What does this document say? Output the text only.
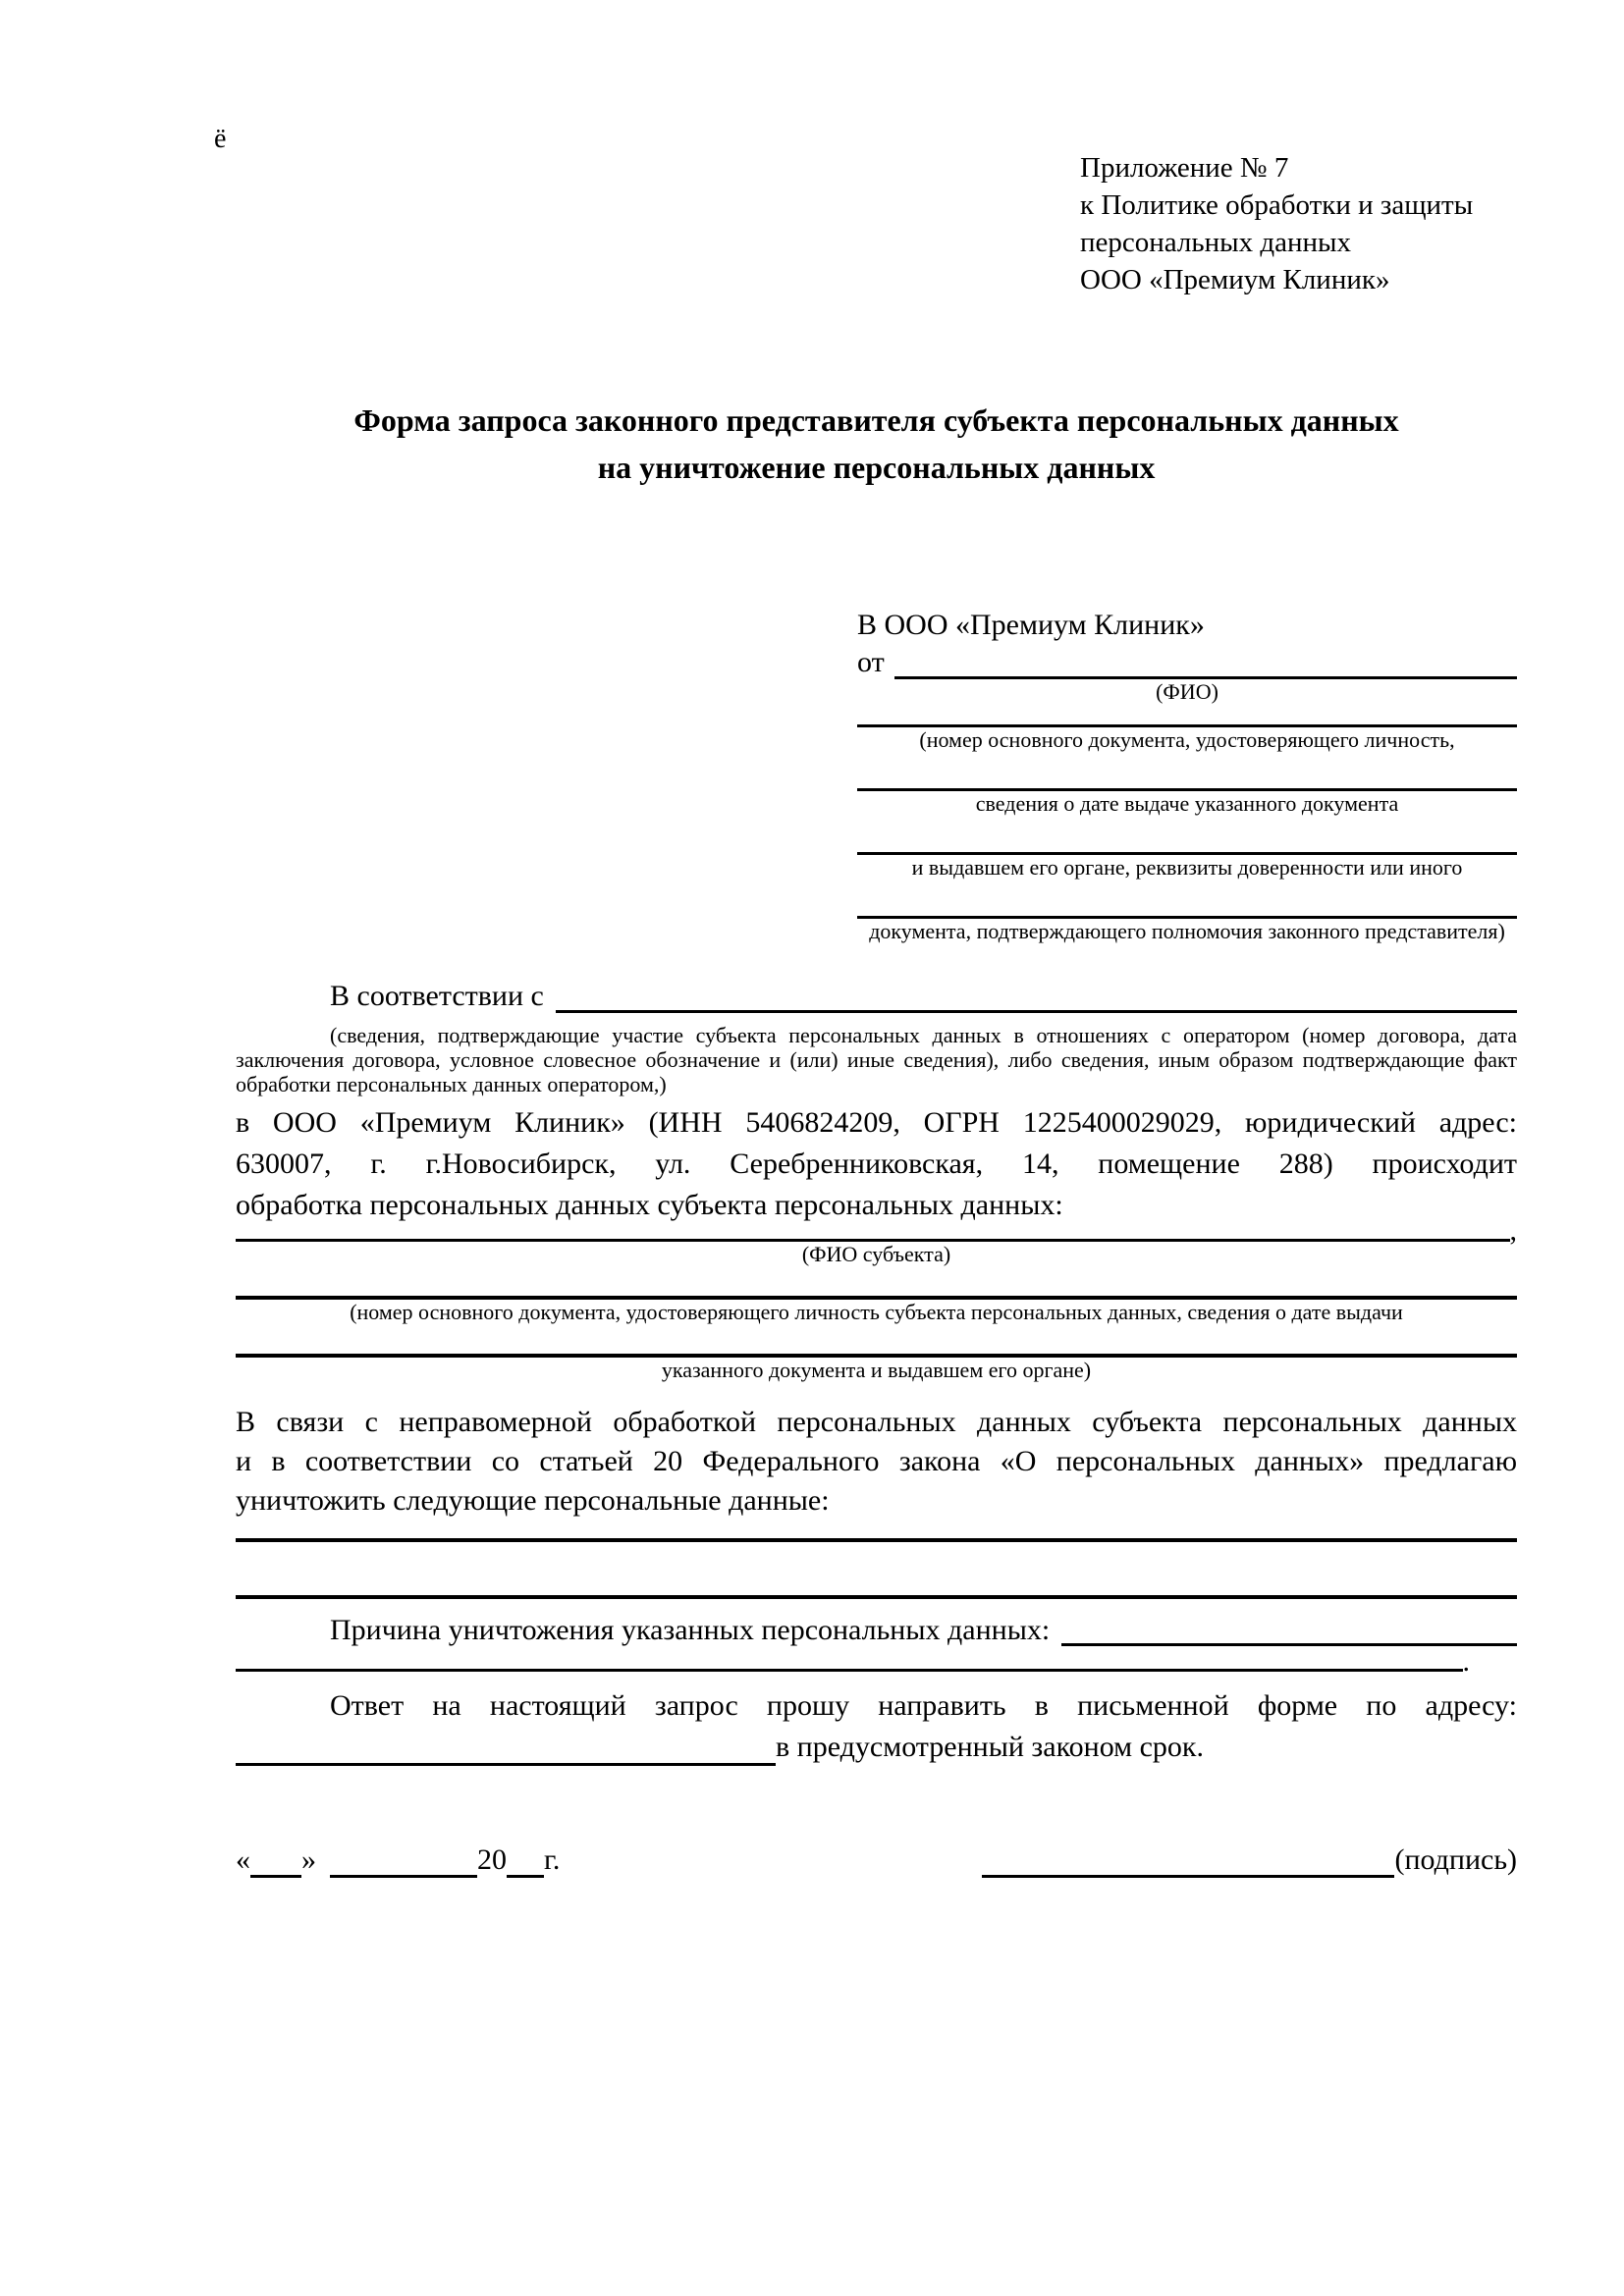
ё
Приложение № 7
к Политике обработки и защиты
персональных данных
ООО «Премиум Клиник»
Форма запроса законного представителя субъекта персональных данных
на уничтожение персональных данных
В ООО «Премиум Клиник»
от
(ФИО)
(номер основного документа, удостоверяющего личность,
сведения о дате выдаче указанного документа
и выдавшем его органе, реквизиты доверенности или иного
документа, подтверждающего полномочия законного представителя)
В соответствии с
(сведения, подтверждающие участие субъекта персональных данных в отношениях с оператором (номер договора, дата
заключения договора, условное словесное обозначение и (или) иные сведения), либо сведения, иным образом подтверждающие факт
обработки персональных данных оператором,)
в ООО «Премиум Клиник» (ИНН 5406824209, ОГРН 1225400029029, юридический адрес:
630007, г. г.Новосибирск, ул. Серебренниковская, 14, помещение 288) происходит
обработка персональных данных субъекта персональных данных:
,
(ФИО субъекта)
(номер основного документа, удостоверяющего личность субъекта персональных данных, сведения о дате выдачи
указанного документа и выдавшем его органе)
В связи с неправомерной обработкой персональных данных субъекта персональных данных
и в соответствии со статьей 20 Федерального закона «О персональных данных» предлагаю
уничтожить следующие персональные данные:
Причина уничтожения указанных персональных данных:
.
Ответ на настоящий запрос прошу направить в письменной форме по адресу:
в предусмотренный законом срок.
« »	20 г.	(подпись)
